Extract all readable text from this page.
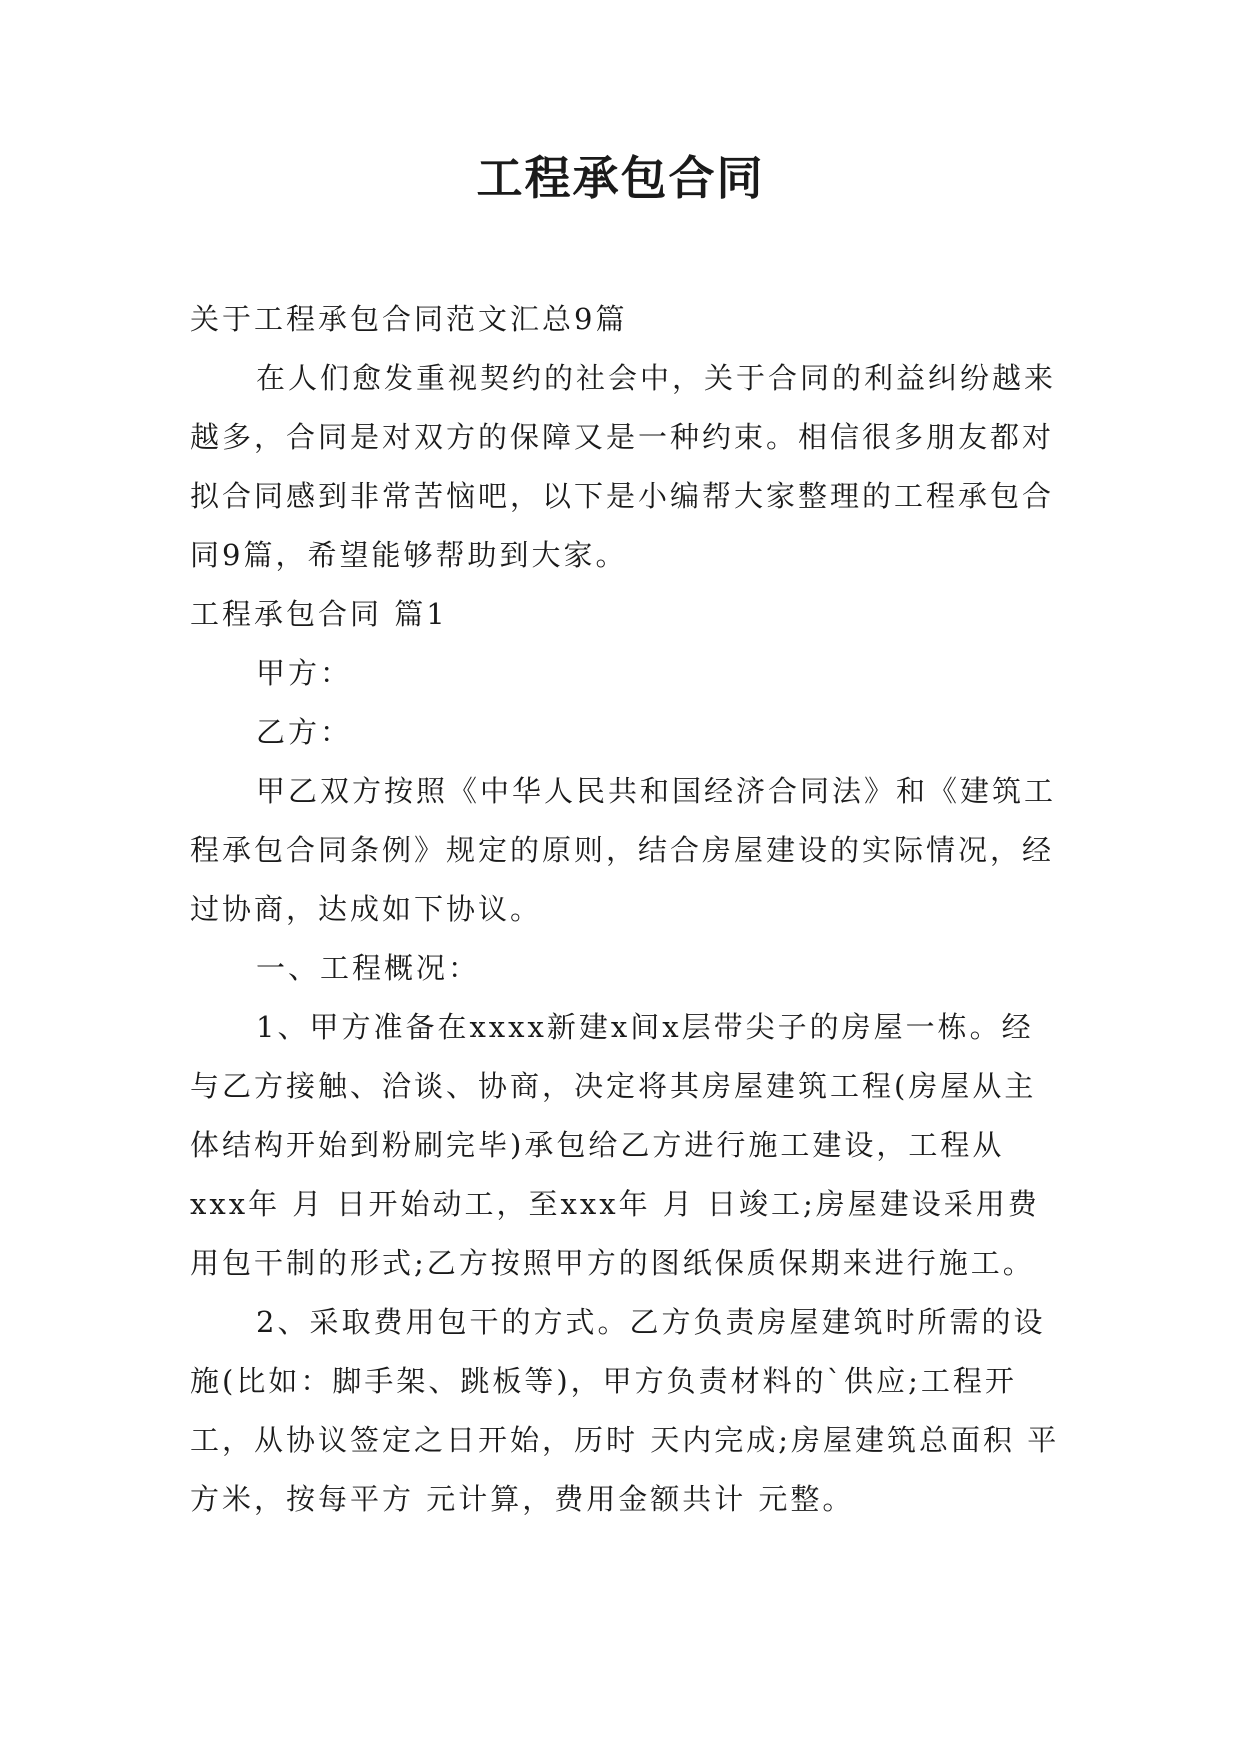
工程承包合同

关于工程承包合同范文汇总9篇

在人们愈发重视契约的社会中，关于合同的利益纠纷越来越多，合同是对双方的保障又是一种约束。相信很多朋友都对拟合同感到非常苦恼吧，以下是小编帮大家整理的工程承包合同9篇，希望能够帮助到大家。

工程承包合同 篇1

甲方：

乙方：

甲乙双方按照《中华人民共和国经济合同法》和《建筑工程承包合同条例》规定的原则，结合房屋建设的实际情况，经过协商，达成如下协议。

一、工程概况：

1、甲方准备在xxxx新建x间x层带尖子的房屋一栋。经与乙方接触、洽谈、协商，决定将其房屋建筑工程(房屋从主体结构开始到粉刷完毕)承包给乙方进行施工建设，工程从xxx年 月 日开始动工，至xxx年 月 日竣工;房屋建设采用费用包干制的形式;乙方按照甲方的图纸保质保期来进行施工。

2、采取费用包干的方式。乙方负责房屋建筑时所需的设施(比如：脚手架、跳板等)，甲方负责材料的`供应;工程开工，从协议签定之日开始，历时 天内完成;房屋建筑总面积 平方米，按每平方 元计算，费用金额共计 元整。
